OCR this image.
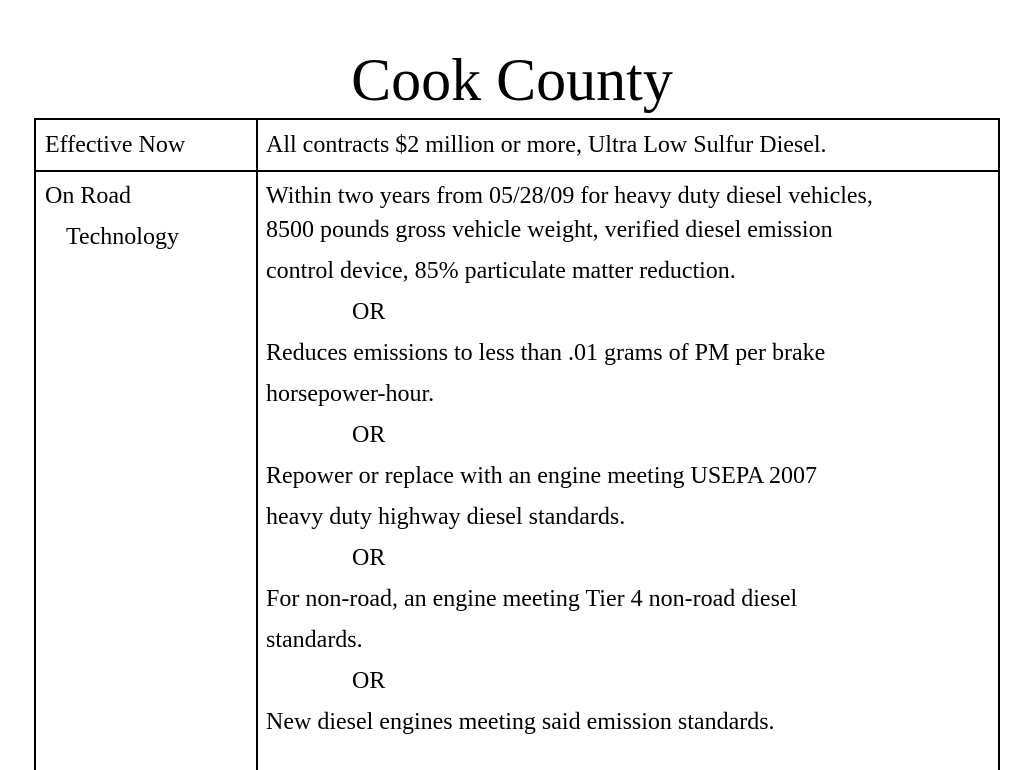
Cook County
Effective Now	All contracts $2 million or more, Ultra Low Sulfur Diesel.
On Road
Technology
Within two years from 05/28/09 for heavy duty diesel vehicles,
8500 pounds gross vehicle weight, verified diesel emission
control device, 85% particulate matter reduction.
OR
Reduces emissions to less than .01 grams of PM per brake
horsepower-hour.
OR
Repower or replace with an engine meeting USEPA 2007
heavy duty highway diesel standards.
OR
For non-road, an engine meeting Tier 4 non-road diesel
standards.
OR
New diesel engines meeting said emission standards.
